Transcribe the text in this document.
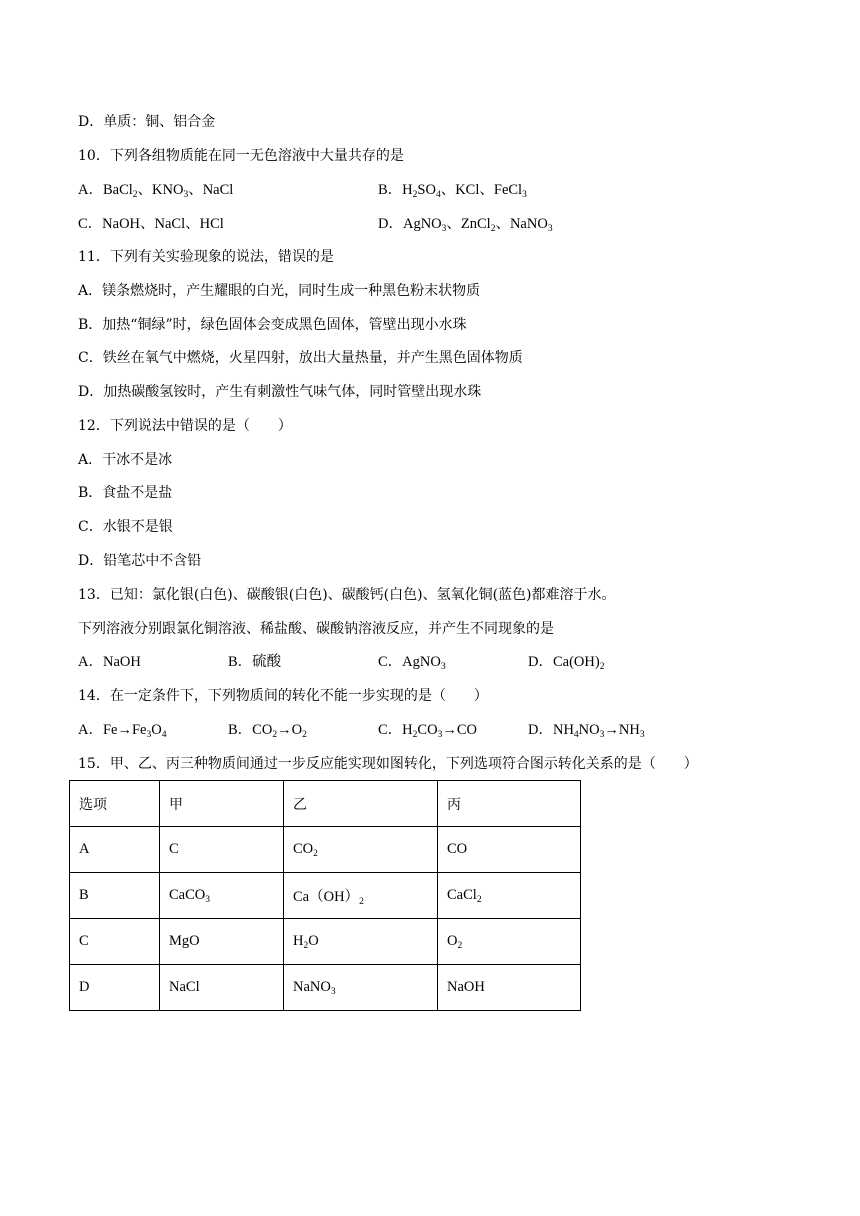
D．单质：铜、铝合金
10．下列各组物质能在同一无色溶液中大量共存的是
A．BaCl$_2$、$KNO_3$、NaCl	B．$H_2SO_4$、KCl、FeCl$_3$
C．NaOH、NaCl、HCl	D．AgNO$_3$、ZnCl$_2$、NaNO$_3$
11．下列有关实验现象的说法，错误的是
A．镁条燃烧时，产生耀眼的白光，同时生成一种黑色粉末状物质
B．加热“铜绿”时，绿色固体会变成黑色固体，管壁出现小水珠
C．铁丝在氧气中燃烧，火星四射，放出大量热量，并产生黑色固体物质
D．加热碳酸氢铵时，产生有刺激性气味气体，同时管壁出现水珠
12．下列说法中错误的是（　　）
A．干冰不是冰
B．食盐不是盐
C．水银不是银
D．铅笔芯中不含铅
13．已知：氯化银(白色)、碳酸银(白色)、碳酸钙(白色)、氢氧化铜(蓝色)都难溶于水。
下列溶液分别跟氯化铜溶液、稀盐酸、碳酸钠溶液反应，并产生不同现象的是
A．NaOH	B．硫酸	C．AgNO$_3$	D．$Ca(OH)_2$
14．在一定条件下，下列物质间的转化不能一步实现的是（　　）
A．$Fe\to Fe_3O_4$	B．$CO_2\to O_2$	C．$H_2CO_3\to CO$	D．$NH_4NO_3\to NH_3$
15．甲、乙、丙三种物质间通过一步反应能实现如图转化，下列选项符合图示转化关系的是（　　）
选项	甲	乙	丙
A	C	$CO_2$	CO
B	CaCO$_3$	$Ca(OH)_2$	CaCl$_2$
C	MgO	$H_2O$	$O_2$
D	NaCl	NaNO$_3$	NaOH
